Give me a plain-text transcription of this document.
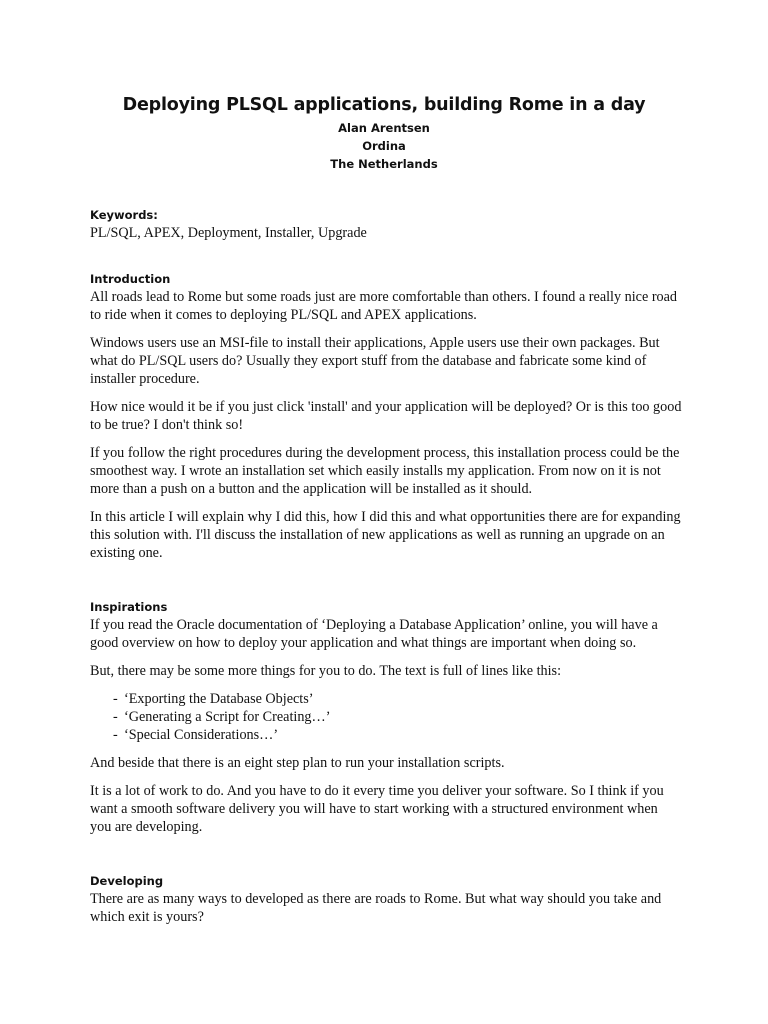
Deploying PLSQL applications, building Rome in a day
Alan Arentsen
Ordina
The Netherlands

Keywords:

PL/SQL, APEX, Deployment, Installer, Upgrade

Introduction

All roads lead to Rome but some roads just are more comfortable than others. I found a really nice road to ride when it comes to deploying PL/SQL and APEX applications.

Windows users use an MSI-file to install their applications, Apple users use their own packages. But what do PL/SQL users do? Usually they export stuff from the database and fabricate some kind of installer procedure.

How nice would it be if you just click 'install' and your application will be deployed? Or is this too good to be true? I don't think so!

If you follow the right procedures during the development process, this installation process could be the smoothest way. I wrote an installation set which easily installs my application. From now on it is not more than a push on a button and the application will be installed as it should.

In this article I will explain why I did this, how I did this and what opportunities there are for expanding this solution with. I'll discuss the installation of new applications as well as running an upgrade on an existing one.

Inspirations

If you read the Oracle documentation of ‘Deploying a Database Application’ online, you will have a good overview on how to deploy your application and what things are important when doing so.

But, there may be some more things for you to do. The text is full of lines like this:

- ‘Exporting the Database Objects’
- ‘Generating a Script for Creating…’
- ‘Special Considerations…’

And beside that there is an eight step plan to run your installation scripts.

It is a lot of work to do. And you have to do it every time you deliver your software. So I think if you want a smooth software delivery you will have to start working with a structured environment when you are developing.

Developing

There are as many ways to developed as there are roads to Rome. But what way should you take and which exit is yours?
